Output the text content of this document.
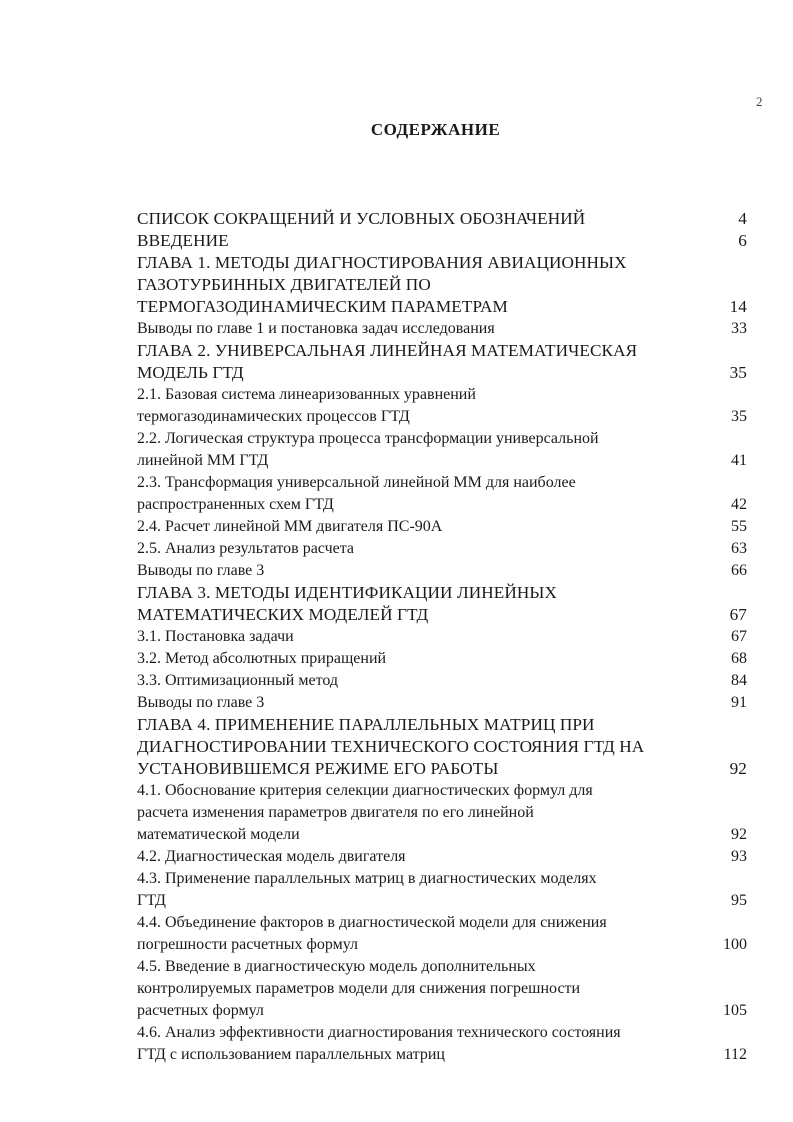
2
СОДЕРЖАНИЕ
СПИСОК СОКРАЩЕНИЙ И УСЛОВНЫХ ОБОЗНАЧЕНИЙ	4
ВВЕДЕНИЕ	6
ГЛАВА 1. МЕТОДЫ ДИАГНОСТИРОВАНИЯ АВИАЦИОННЫХ
ГАЗОТУРБИННЫХ ДВИГАТЕЛЕЙ ПО
ТЕРМОГАЗОДИНАМИЧЕСКИМ ПАРАМЕТРАМ	14
Выводы по главе 1 и постановка задач исследования	33
ГЛАВА 2. УНИВЕРСАЛЬНАЯ ЛИНЕЙНАЯ МАТЕМАТИЧЕСКАЯ
МОДЕЛЬ ГТД	35
2.1. Базовая система линеаризованных уравнений
термогазодинамических процессов ГТД	35
2.2. Логическая структура процесса трансформации универсальной
линейной ММ ГТД	41
2.3. Трансформация универсальной линейной ММ для наиболее
распространенных схем ГТД	42
2.4. Расчет линейной ММ двигателя ПС-90А	55
2.5. Анализ результатов расчета	63
Выводы по главе 3	66
ГЛАВА 3. МЕТОДЫ ИДЕНТИФИКАЦИИ ЛИНЕЙНЫХ
МАТЕМАТИЧЕСКИХ МОДЕЛЕЙ ГТД	67
3.1. Постановка задачи	67
3.2. Метод абсолютных приращений	68
3.3. Оптимизационный метод	84
Выводы по главе 3	91
ГЛАВА 4. ПРИМЕНЕНИЕ ПАРАЛЛЕЛЬНЫХ МАТРИЦ ПРИ
ДИАГНОСТИРОВАНИИ ТЕХНИЧЕСКОГО СОСТОЯНИЯ ГТД НА
УСТАНОВИВШЕМСЯ РЕЖИМЕ ЕГО РАБОТЫ	92
4.1. Обоснование критерия селекции диагностических формул для
расчета изменения параметров двигателя по его линейной
математической модели	92
4.2. Диагностическая модель двигателя	93
4.3. Применение параллельных матриц в диагностических моделях
ГТД	95
4.4. Объединение факторов в диагностической модели для снижения
погрешности расчетных формул	100
4.5. Введение в диагностическую модель дополнительных
контролируемых параметров модели для снижения погрешности
расчетных формул	105
4.6. Анализ эффективности диагностирования технического состояния
ГТД с использованием параллельных матриц	112
